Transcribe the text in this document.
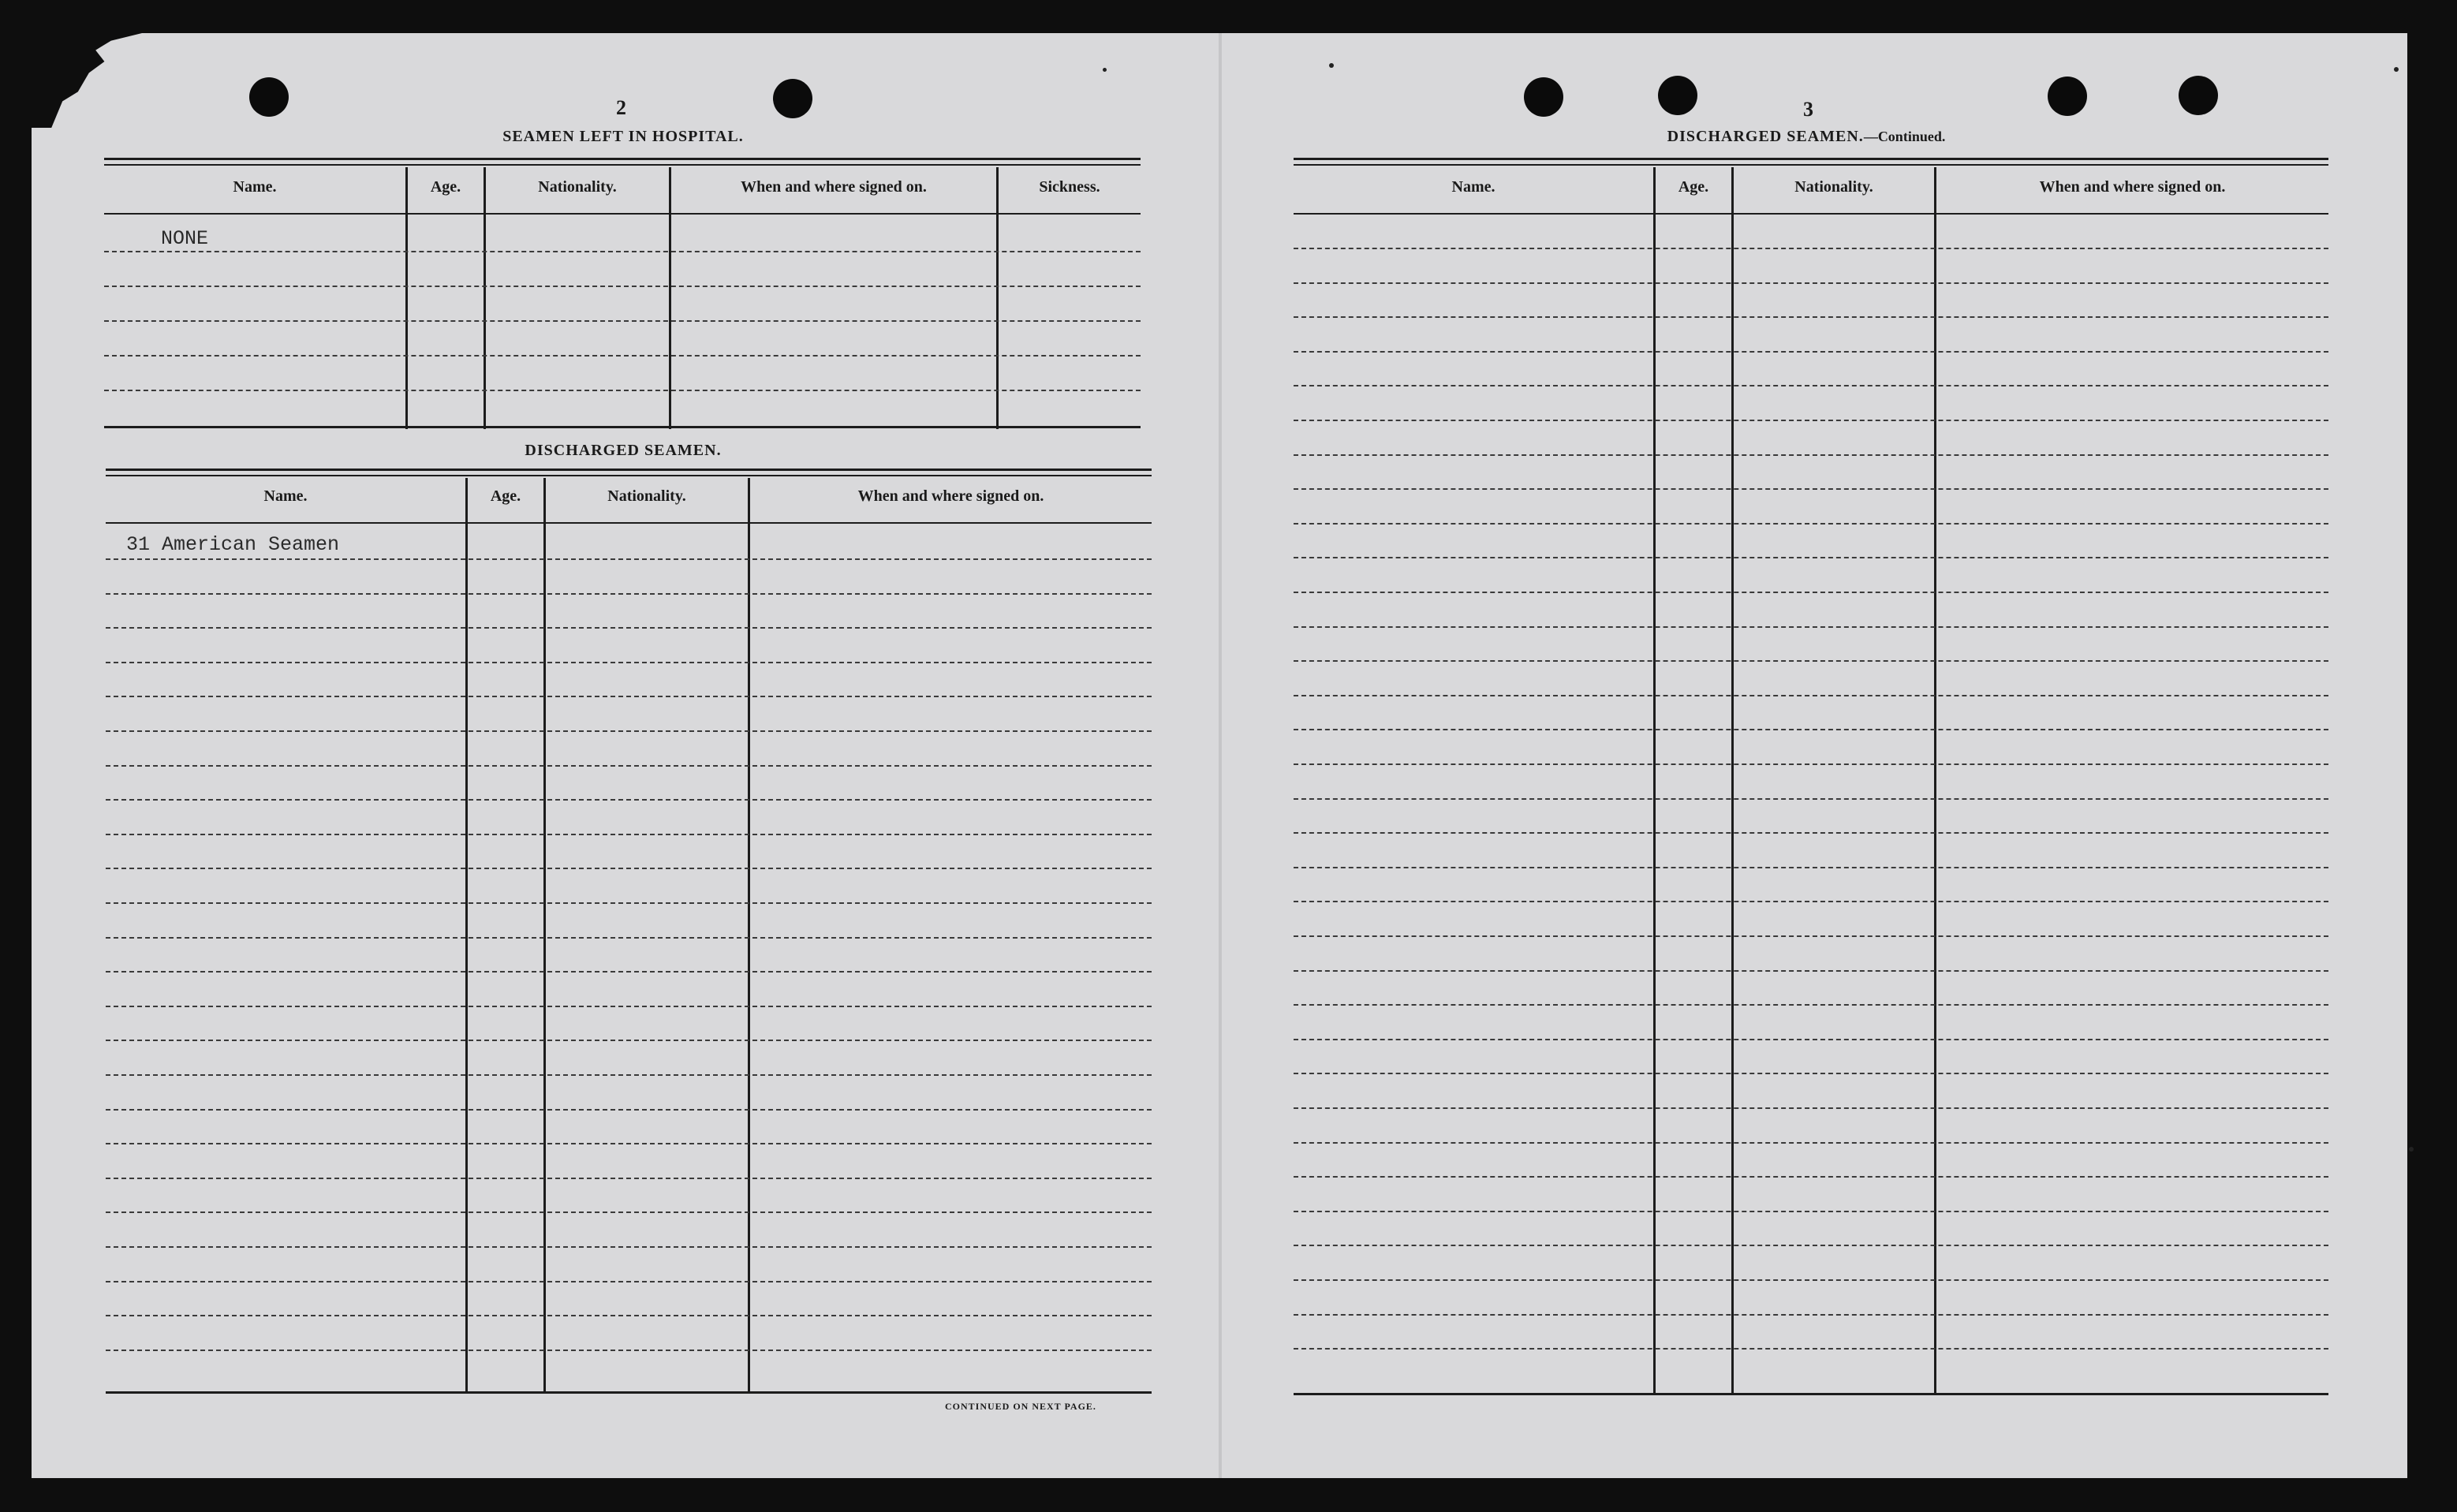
2
SEAMEN LEFT IN HOSPITAL.
Name.	Age.	Nationality.	When and where signed on.	Sickness.
NONE
DISCHARGED SEAMEN.
Name.	Age.	Nationality.	When and where signed on.
31 American Seamen
CONTINUED ON NEXT PAGE.
3
DISCHARGED SEAMEN.—Continued.
Name.	Age.	Nationality.	When and where signed on.
